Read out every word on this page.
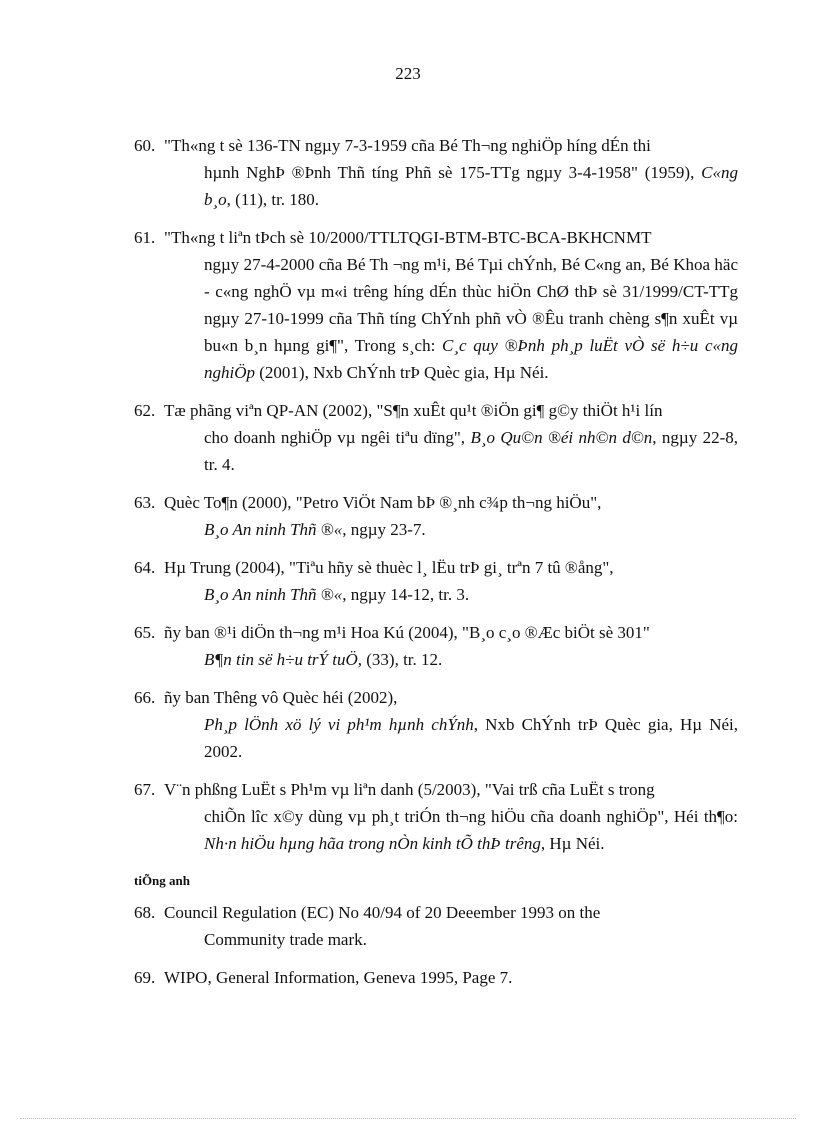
223
60. "Th«ng t sè 136-TN ngµy 7-3-1959 cña Bé Th¬ng nghiÖp híng dÉn thi
hµnh NghÞ ®Þnh Thñ tíng Phñ sè 175-TTg ngµy 3-4-1958" (1959), C«ng b¸o, (11), tr. 180.
61. "Th«ng t liªn tÞch sè 10/2000/TTLTQGI-BTM-BTC-BCA-BKHCNMT
ngµy 27-4-2000 cña Bé Th ¬ng m¹i, Bé Tµi chÝnh, Bé C«ng an, Bé Khoa häc - c«ng nghÖ vµ m«i trêng híng dÉn thùc hiÖn ChØ thÞ sè 31/1999/CT-TTg ngµy 27-10-1999 cña Thñ tíng ChÝnh phñ vÒ ®Êu tranh chèng s¶n xuÊt vµ bu«n b¸n hµng gi¶", Trong s¸ch: C¸c quy ®Þnh ph¸p luËt vÒ së h÷u c«ng nghiÖp (2001), Nxb ChÝnh trÞ Quèc gia, Hµ Néi.
62. Tæ phãng viªn QP-AN (2002), "S¶n xuÊt qu¹t ®iÖn gi¶ g©y thiÖt h¹i lín
cho doanh nghiÖp vµ ngêi tiªu dïng", B¸o Qu©n ®éi nh©n d©n, ngµy 22-8, tr. 4.
63. Quèc To¶n (2000), "Petro ViÖt Nam bÞ ®¸nh c¾p th¬ng hiÖu",
B¸o An ninh Thñ ®«, ngµy 23-7.
64. Hµ Trung (2004), "Tiªu hñy sè thuèc l¸ lËu trÞ gi¸ trªn 7 tû ®ång",
B¸o An ninh Thñ ®«, ngµy 14-12, tr. 3.
65. ñy ban ®¹i diÖn th¬ng m¹i Hoa Kú (2004), "B¸o c¸o ®Æc biÖt sè 301"
B¶n tin së h÷u trÝ tuÖ, (33), tr. 12.
66. ñy ban Thêng vô Quèc héi (2002),
Ph¸p lÖnh xö lý vi ph¹m hµnh chÝnh, Nxb ChÝnh trÞ Quèc gia, Hµ Néi, 2002.
67. V¨n phßng LuËt s Ph¹m vµ liªn danh (5/2003), "Vai trß cña LuËt s trong
chiÕn lîc x©y dùng vµ ph¸t triÓn th¬ng hiÖu cña doanh nghiÖp", Héi th¶o: Nh·n hiÖu hµng hãa trong nÒn kinh tÕ thÞ trêng, Hµ Néi.
tiÕng anh
68. Council Regulation (EC) No 40/94 of 20 Deeember 1993 on the
Community trade mark.
69. WIPO, General Information, Geneva 1995, Page 7.
